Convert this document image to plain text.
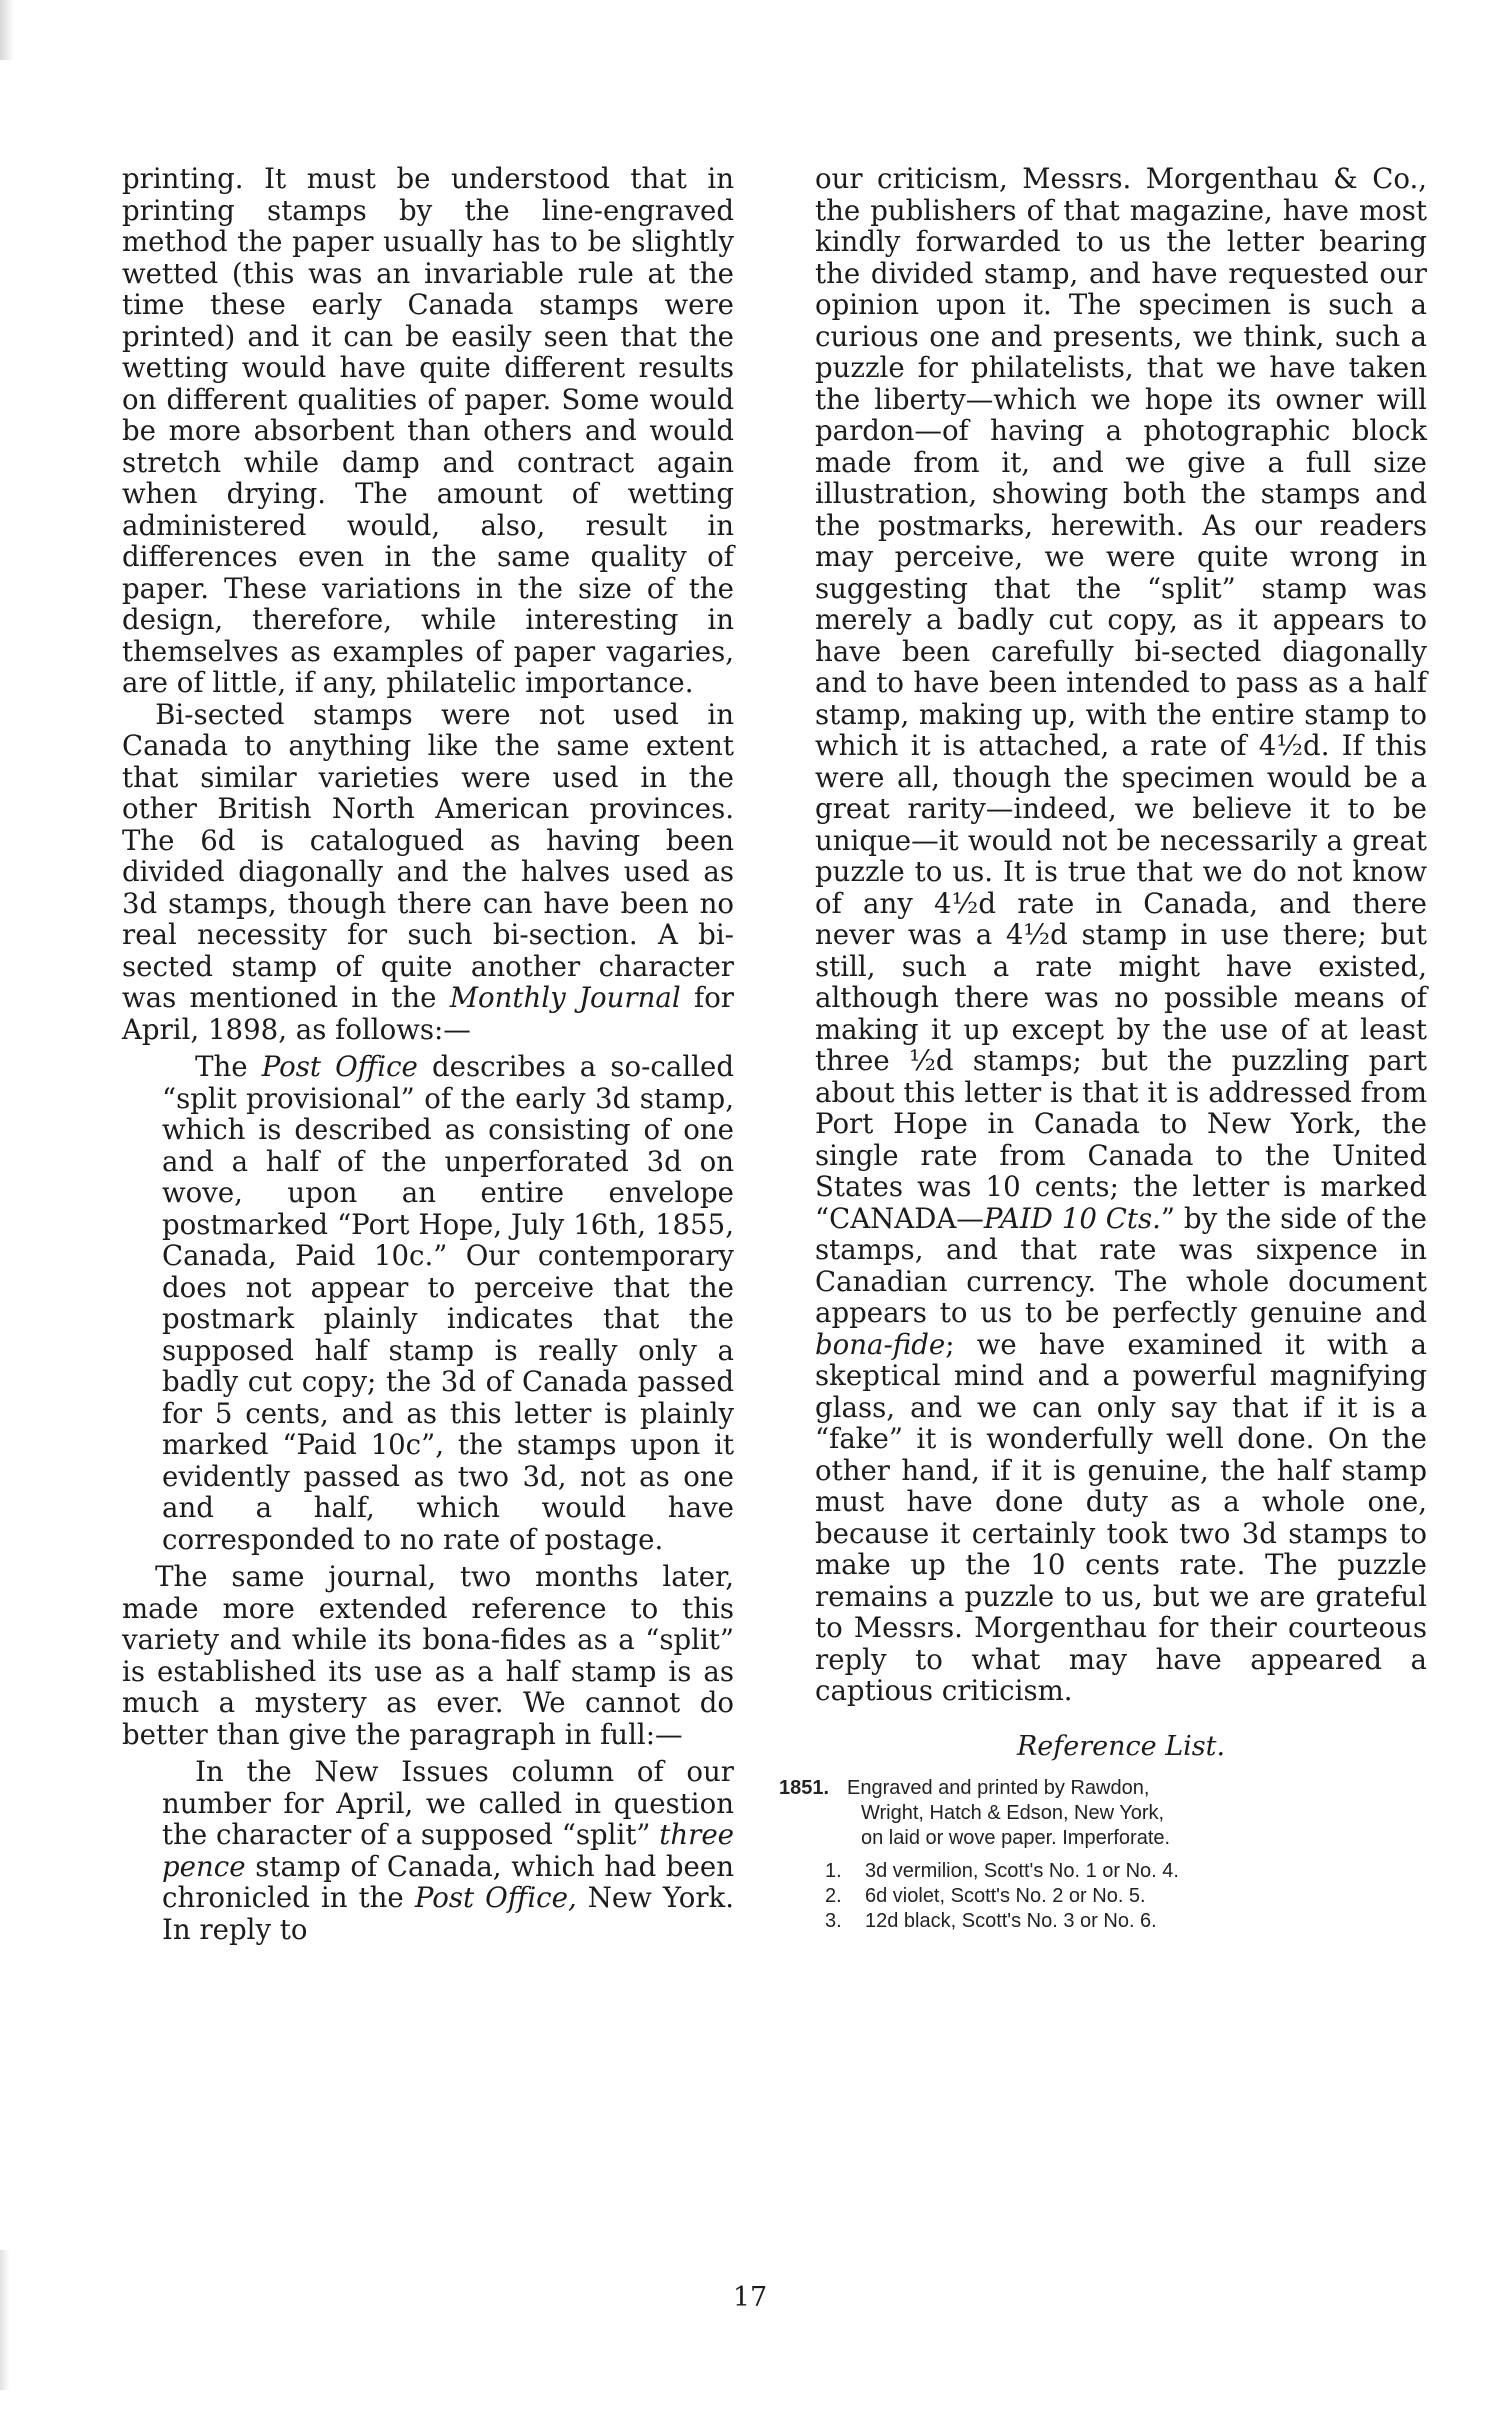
printing. It must be understood that in printing stamps by the line-engraved method the paper usually has to be slightly wetted (this was an invariable rule at the time these early Canada stamps were printed) and it can be easily seen that the wetting would have quite different results on different qualities of paper. Some would be more absorbent than others and would stretch while damp and contract again when drying. The amount of wetting administered would, also, result in differences even in the same quality of paper. These variations in the size of the design, therefore, while interesting in themselves as examples of paper vagaries, are of little, if any, philatelic importance.

Bi-sected stamps were not used in Canada to anything like the same extent that similar varieties were used in the other British North American provinces. The 6d is catalogued as having been divided diagonally and the halves used as 3d stamps, though there can have been no real necessity for such bi-section. A bi-sected stamp of quite another character was mentioned in the Monthly Journal for April, 1898, as follows:—

The Post Office describes a so-called “split provisional” of the early 3d stamp, which is described as consisting of one and a half of the unperforated 3d on wove, upon an entire envelope postmarked “Port Hope, July 16th, 1855, Canada, Paid 10c.” Our contemporary does not appear to perceive that the postmark plainly indicates that the supposed half stamp is really only a badly cut copy; the 3d of Canada passed for 5 cents, and as this letter is plainly marked “Paid 10c”, the stamps upon it evidently passed as two 3d, not as one and a half, which would have corresponded to no rate of postage.

The same journal, two months later, made more extended reference to this variety and while its bona-fides as a “split” is established its use as a half stamp is as much a mystery as ever. We cannot do better than give the paragraph in full:—

In the New Issues column of our number for April, we called in question the character of a supposed “split” three pence stamp of Canada, which had been chronicled in the Post Office, New York. In reply to

our criticism, Messrs. Morgenthau & Co., the publishers of that magazine, have most kindly forwarded to us the letter bearing the divided stamp, and have requested our opinion upon it. The specimen is such a curious one and presents, we think, such a puzzle for philatelists, that we have taken the liberty—which we hope its owner will pardon—of having a photographic block made from it, and we give a full size illustration, showing both the stamps and the postmarks, herewith. As our readers may perceive, we were quite wrong in suggesting that the “split” stamp was merely a badly cut copy, as it appears to have been carefully bi-sected diagonally and to have been intended to pass as a half stamp, making up, with the entire stamp to which it is attached, a rate of 4½d. If this were all, though the specimen would be a great rarity—indeed, we believe it to be unique—it would not be necessarily a great puzzle to us. It is true that we do not know of any 4½d rate in Canada, and there never was a 4½d stamp in use there; but still, such a rate might have existed, although there was no possible means of making it up except by the use of at least three ½d stamps; but the puzzling part about this letter is that it is addressed from Port Hope in Canada to New York, the single rate from Canada to the United States was 10 cents; the letter is marked “CANADA—PAID 10 Cts.” by the side of the stamps, and that rate was sixpence in Canadian currency. The whole document appears to us to be perfectly genuine and bona-fide; we have examined it with a skeptical mind and a powerful magnifying glass, and we can only say that if it is a “fake” it is wonderfully well done. On the other hand, if it is genuine, the half stamp must have done duty as a whole one, because it certainly took two 3d stamps to make up the 10 cents rate. The puzzle remains a puzzle to us, but we are grateful to Messrs. Morgenthau for their courteous reply to what may have appeared a captious criticism.

Reference List.

1851. Engraved and printed by Rawdon,
Wright, Hatch & Edson, New York,
on laid or wove paper. Imperforate.
1.	3d vermilion, Scott's No. 1 or No. 4.
2.	6d violet, Scott's No. 2 or No. 5.
3.	12d black, Scott's No. 3 or No. 6.
17
